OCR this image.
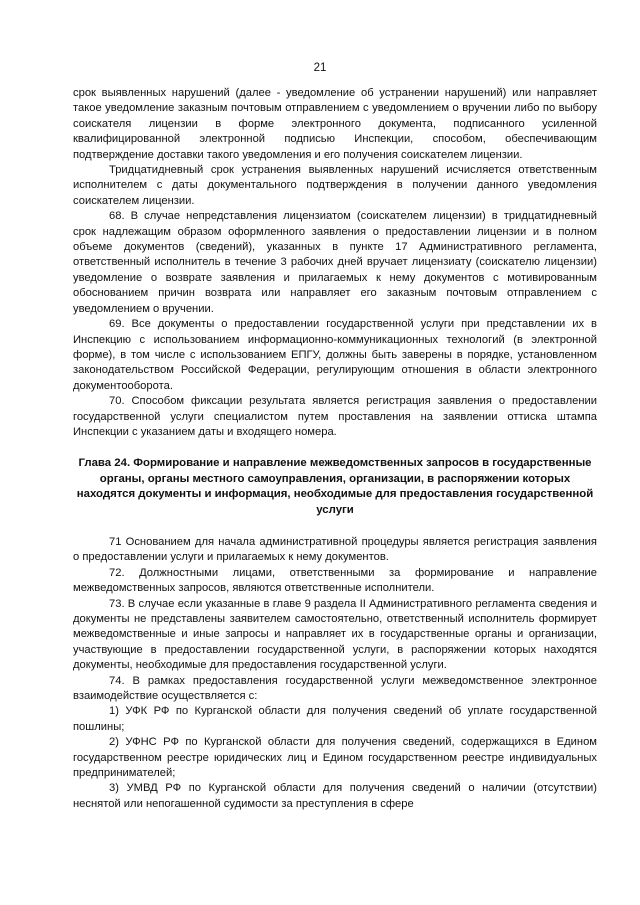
21

срок выявленных нарушений (далее - уведомление об устранении нарушений) или направляет такое уведомление заказным почтовым отправлением с уведомлением о вручении либо по выбору соискателя лицензии в форме электронного документа, подписанного усиленной квалифицированной электронной подписью Инспекции, способом, обеспечивающим подтверждение доставки такого уведомления и его получения соискателем лицензии.

Тридцатидневный срок устранения выявленных нарушений исчисляется ответственным исполнителем с даты документального подтверждения в получении данного уведомления соискателем лицензии.

68. В случае непредставления лицензиатом (соискателем лицензии) в тридцатидневный срок надлежащим образом оформленного заявления о предоставлении лицензии и в полном объеме документов (сведений), указанных в пункте 17 Административного регламента, ответственный исполнитель в течение 3 рабочих дней вручает лицензиату (соискателю лицензии) уведомление о возврате заявления и прилагаемых к нему документов с мотивированным обоснованием причин возврата или направляет его заказным почтовым отправлением с уведомлением о вручении.

69. Все документы о предоставлении государственной услуги при представлении их в Инспекцию с использованием информационно-коммуникационных технологий (в электронной форме), в том числе с использованием ЕПГУ, должны быть заверены в порядке, установленном законодательством Российской Федерации, регулирующим отношения в области электронного документооборота.

70. Способом фиксации результата является регистрация заявления о предоставлении государственной услуги специалистом путем проставления на заявлении оттиска штампа Инспекции с указанием даты и входящего номера.

Глава 24. Формирование и направление межведомственных запросов в государственные органы, органы местного самоуправления, организации, в распоряжении которых находятся документы и информация, необходимые для предоставления государственной услуги

71 Основанием для начала административной процедуры является регистрация заявления о предоставлении услуги и прилагаемых к нему документов.

72. Должностными лицами, ответственными за формирование и направление межведомственных запросов, являются ответственные исполнители.

73. В случае если указанные в главе 9 раздела II Административного регламента сведения и документы не представлены заявителем самостоятельно, ответственный исполнитель формирует межведомственные и иные запросы и направляет их в государственные органы и организации, участвующие в предоставлении государственной услуги, в распоряжении которых находятся документы, необходимые для предоставления государственной услуги.

74. В рамках предоставления государственной услуги межведомственное электронное взаимодействие осуществляется с:

1) УФК РФ по Курганской области для получения сведений об уплате государственной пошлины;

2) УФНС РФ по Курганской области для получения сведений, содержащихся в Едином государственном реестре юридических лиц и Едином государственном реестре индивидуальных предпринимателей;

3) УМВД РФ по Курганской области для получения сведений о наличии (отсутствии) неснятой или непогашенной судимости за преступления в сфере
